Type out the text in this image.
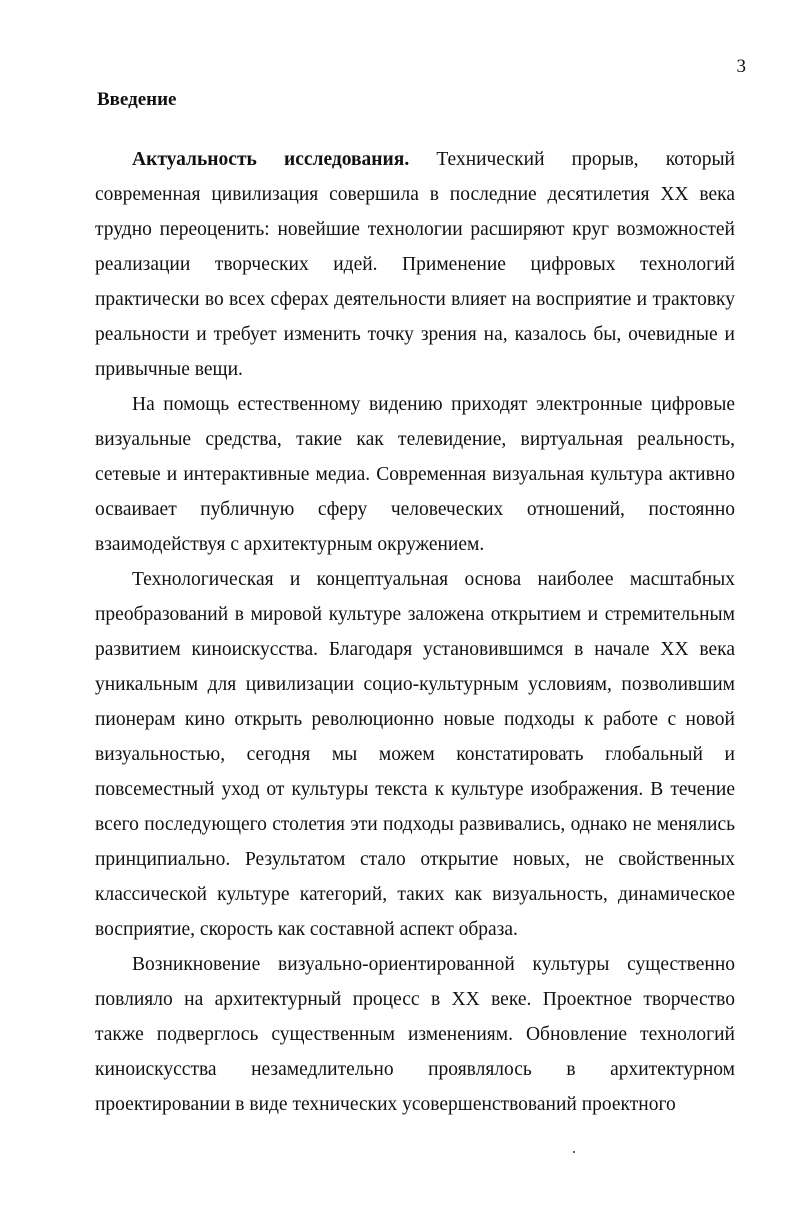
3
Введение

Актуальность исследования. Технический прорыв, который современная цивилизация совершила в последние десятилетия XX века трудно переоценить: новейшие технологии расширяют круг возможностей реализации творческих идей. Применение цифровых технологий практически во всех сферах деятельности влияет на восприятие и трактовку реальности и требует изменить точку зрения на, казалось бы, очевидные и привычные вещи.

На помощь естественному видению приходят электронные цифровые визуальные средства, такие как телевидение, виртуальная реальность, сетевые и интерактивные медиа. Современная визуальная культура активно осваивает публичную сферу человеческих отношений, постоянно взаимодействуя с архитектурным окружением.

Технологическая и концептуальная основа наиболее масштабных преобразований в мировой культуре заложена открытием и стремительным развитием киноискусства. Благодаря установившимся в начале XX века уникальным для цивилизации социо-культурным условиям, позволившим пионерам кино открыть революционно новые подходы к работе с новой визуальностью, сегодня мы можем констатировать глобальный и повсеместный уход от культуры текста к культуре изображения. В течение всего последующего столетия эти подходы развивались, однако не менялись принципиально. Результатом стало открытие новых, не свойственных классической культуре категорий, таких как визуальность, динамическое восприятие, скорость как составной аспект образа.

Возникновение визуально-ориентированной культуры существенно повлияло на архитектурный процесс в XX веке. Проектное творчество также подверглось существенным изменениям. Обновление технологий киноискусства незамедлительно проявлялось в архитектурном проектировании в виде технических усовершенствований проектного
